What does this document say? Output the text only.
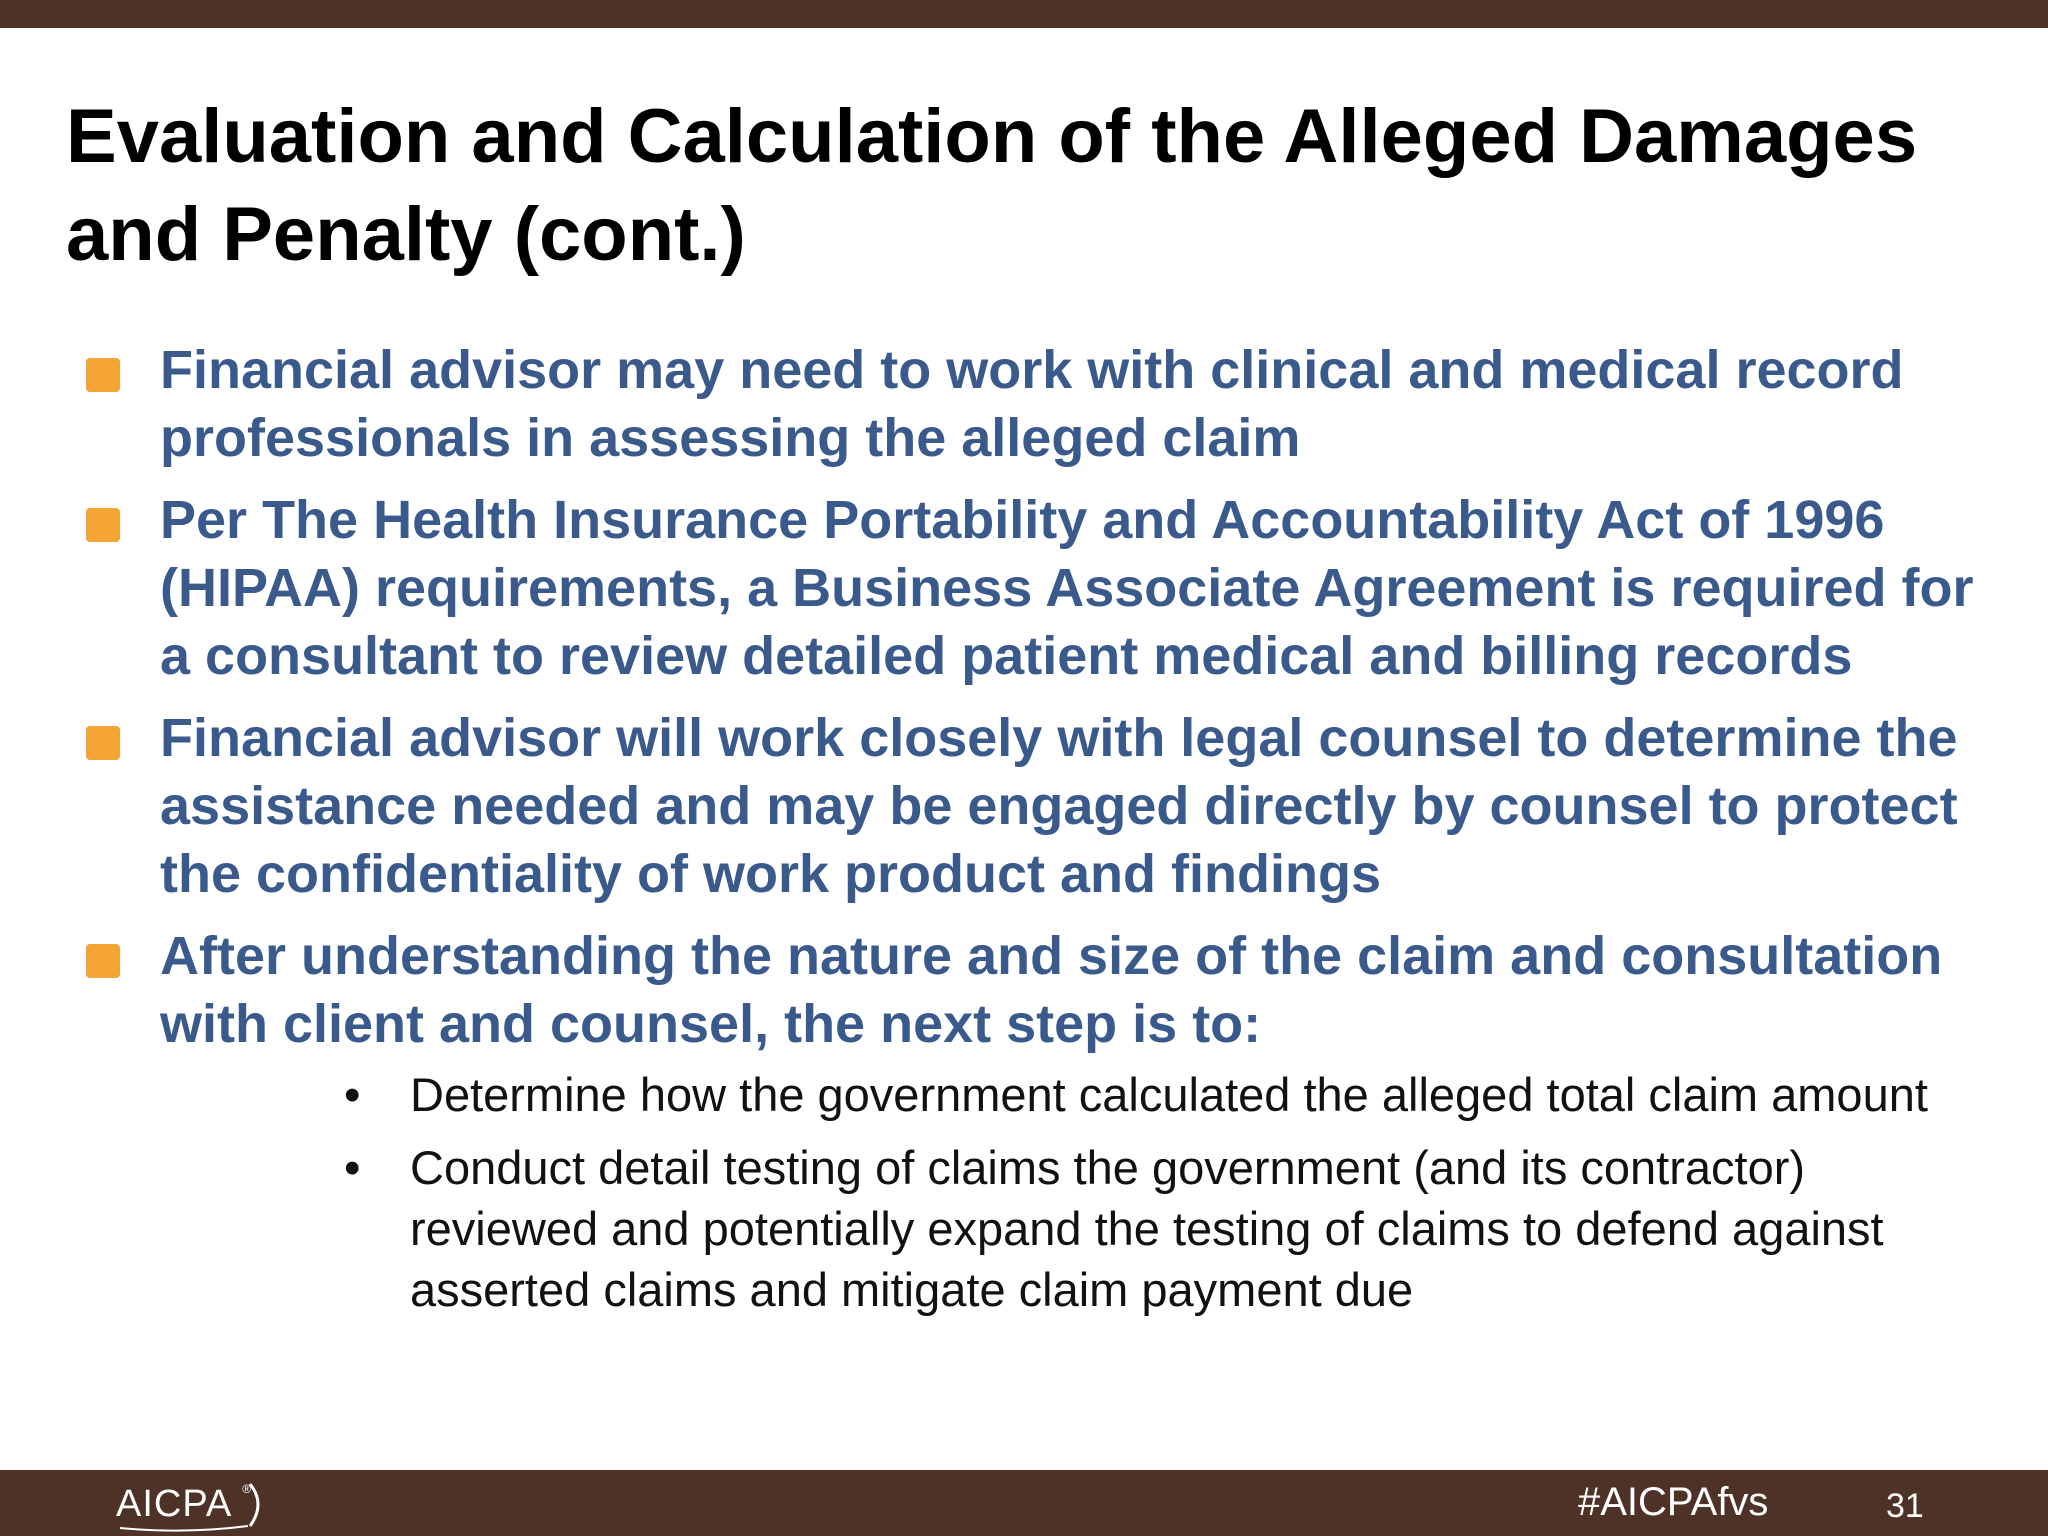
Evaluation and Calculation of the Alleged Damages and Penalty (cont.)
Financial advisor may need to work with clinical and medical record professionals in assessing the alleged claim
Per The Health Insurance Portability and Accountability Act of 1996 (HIPAA) requirements, a Business Associate Agreement is required for a consultant to review detailed patient medical and billing records
Financial advisor will work closely with legal counsel to determine the assistance needed and may be engaged directly by counsel to protect the confidentiality of work product and findings
After understanding the nature and size of the claim and consultation with client and counsel, the next step is to:
• Determine how the government calculated the alleged total claim amount
• Conduct detail testing of claims the government (and its contractor) reviewed and potentially expand the testing of claims to defend against asserted claims and mitigate claim payment due
AICPA ®	#AICPAfvs	31
